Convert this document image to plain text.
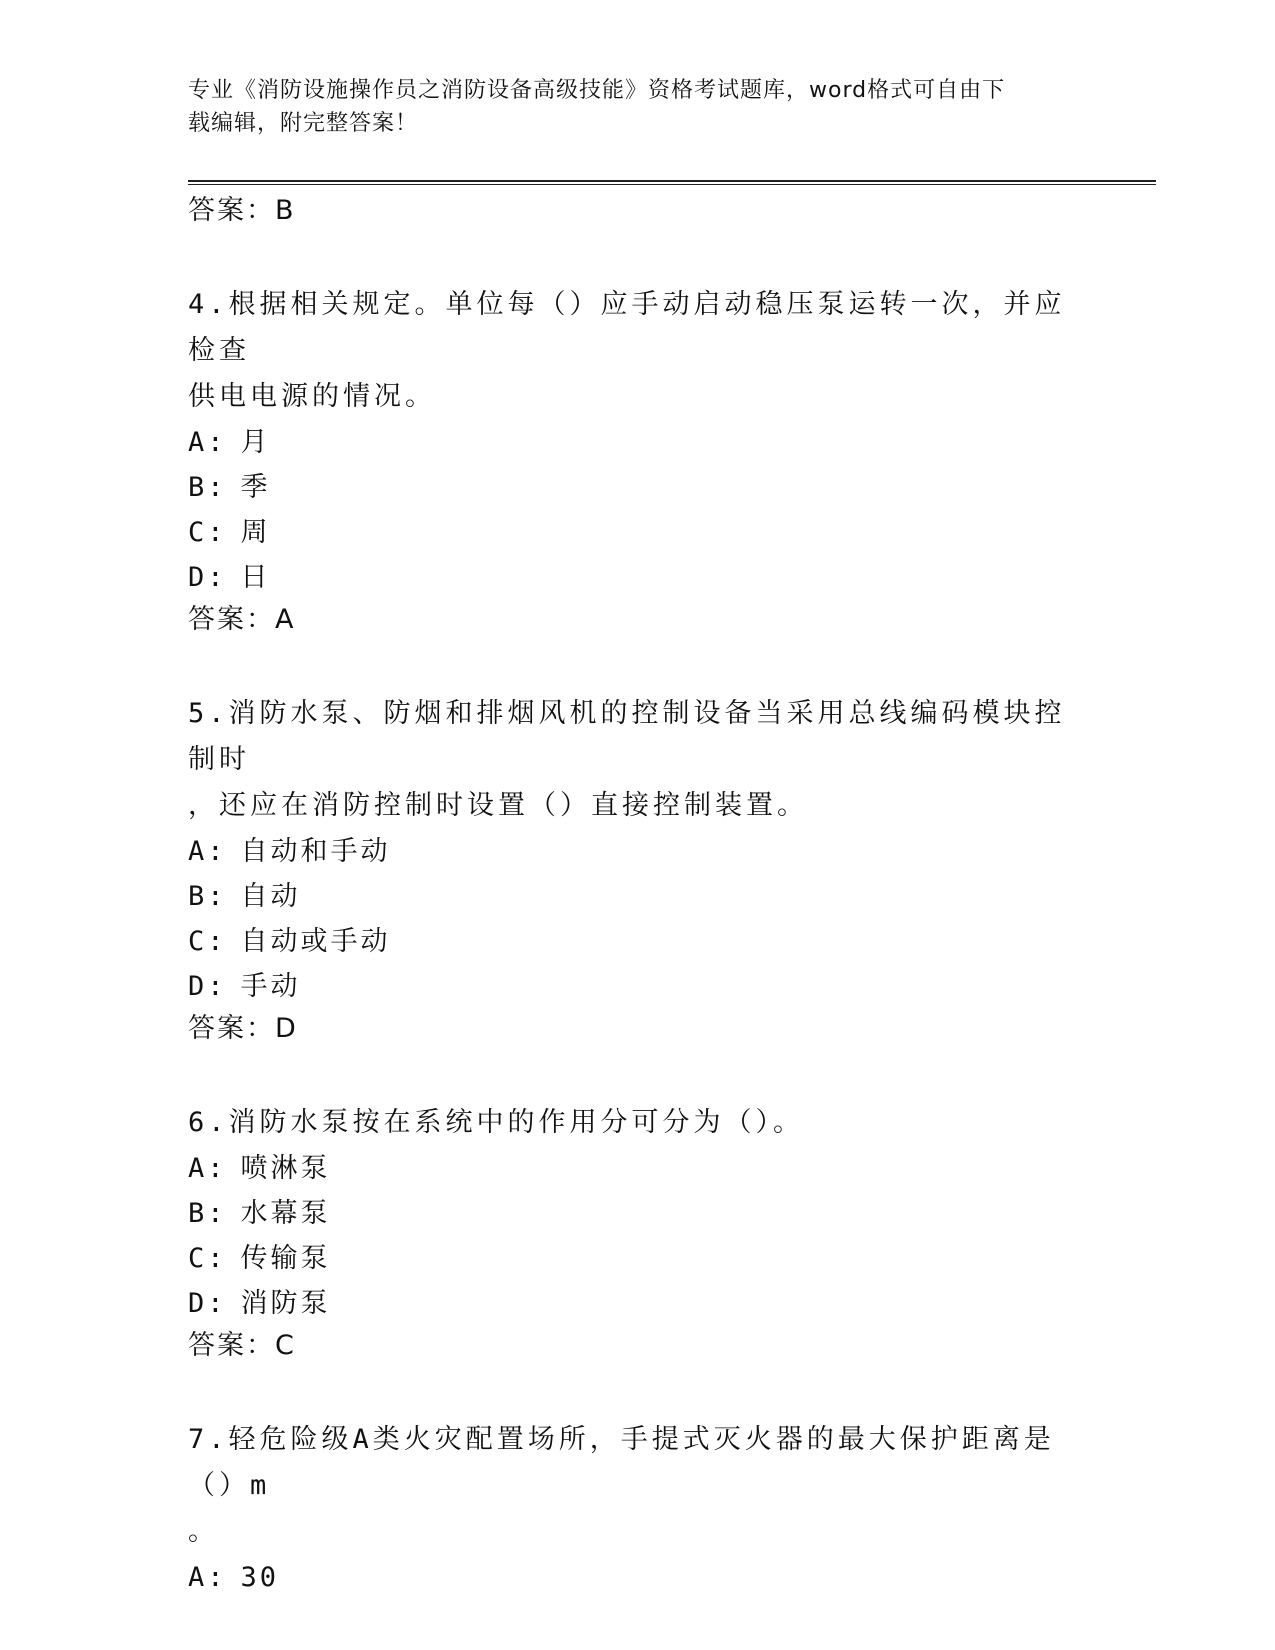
专业《消防设施操作员之消防设备高级技能》资格考试题库，word格式可自由下
载编辑，附完整答案！
答案：B
4.根据相关规定。单位每（）应手动启动稳压泵运转一次，并应检查
供电电源的情况。
A: 月
B: 季
C: 周
D: 日
答案：A
5.消防水泵、防烟和排烟风机的控制设备当采用总线编码模块控制时
，还应在消防控制时设置（）直接控制装置。
A: 自动和手动
B: 自动
C: 自动或手动
D: 手动
答案：D
6.消防水泵按在系统中的作用分可分为（）。
A: 喷淋泵
B: 水幕泵
C: 传输泵
D: 消防泵
答案：C
7.轻危险级A类火灾配置场所，手提式灭火器的最大保护距离是（）m
。
A: 30
